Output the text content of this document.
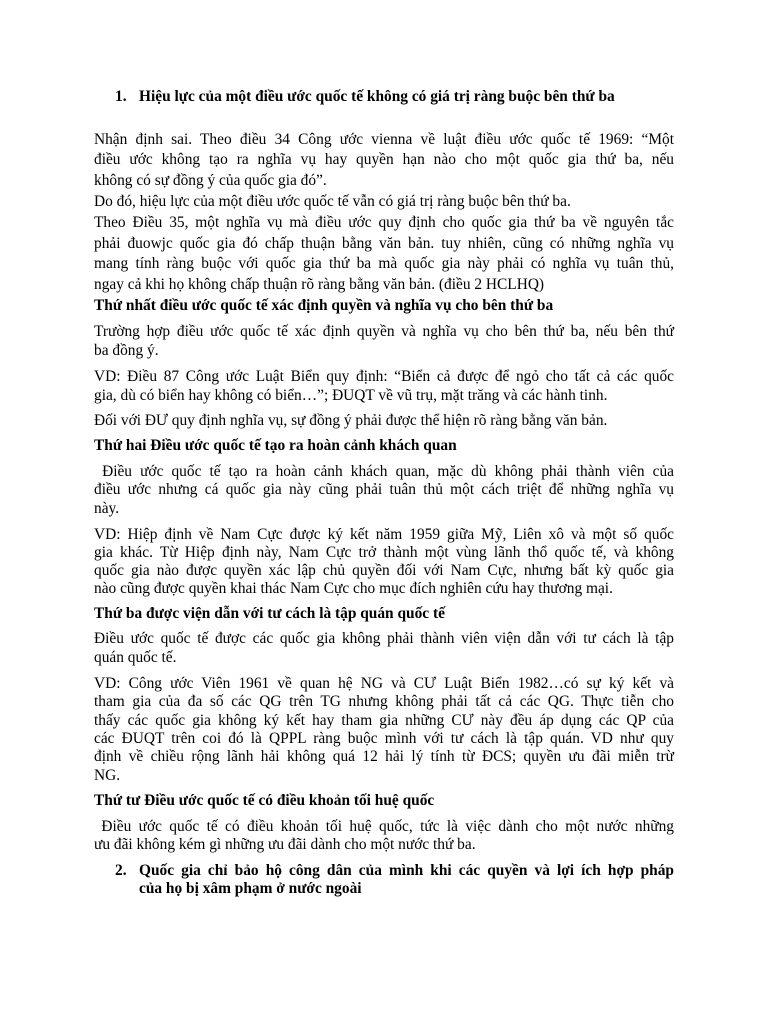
1. Hiệu lực của một điều ước quốc tế không có giá trị ràng buộc bên thứ ba
Nhận định sai. Theo điều 34 Công ước vienna về luật điều ước quốc tế 1969: “Một
điều ước không tạo ra nghĩa vụ hay quyền hạn nào cho một quốc gia thứ ba, nếu
không có sự đồng ý của quốc gia đó”.
Do đó, hiệu lực của một điều ước quốc tế vẫn có giá trị ràng buộc bên thứ ba.
Theo Điều 35, một nghĩa vụ mà điều ước quy định cho quốc gia thứ ba về nguyên tắc
phải đuowjc quốc gia đó chấp thuận bằng văn bản. tuy nhiên, cũng có những nghĩa vụ
mang tính ràng buộc với quốc gia thứ ba mà quốc gia này phải có nghĩa vụ tuân thủ,
ngay cả khi họ không chấp thuận rõ ràng bằng văn bản. (điều 2 HCLHQ)
Thứ nhất điều ước quốc tế xác định quyền và nghĩa vụ cho bên thứ ba
Trường hợp điều ước quốc tế xác định quyền và nghĩa vụ cho bên thứ ba, nếu bên thứ
ba đồng ý.
VD: Điều 87 Công ước Luật Biển quy định: “Biển cả được để ngỏ cho tất cả các quốc
gia, dù có biển hay không có biển…”; ĐUQT về vũ trụ, mặt trăng và các hành tinh.
Đối với ĐƯ quy định nghĩa vụ, sự đồng ý phải được thể hiện rõ ràng bằng văn bản.
Thứ hai Điều ước quốc tế tạo ra hoàn cảnh khách quan
Điều ước quốc tế tạo ra hoàn cảnh khách quan, mặc dù không phải thành viên của
điều ước nhưng cá quốc gia này cũng phải tuân thủ một cách triệt để những nghĩa vụ
này.
VD: Hiệp định về Nam Cực được ký kết năm 1959 giữa Mỹ, Liên xô và một số quốc
gia khác. Từ Hiệp định này, Nam Cực trở thành một vùng lãnh thổ quốc tế, và không
quốc gia nào được quyền xác lập chủ quyền đối với Nam Cực, nhưng bất kỳ quốc gia
nào cũng được quyền khai thác Nam Cực cho mục đích nghiên cứu hay thương mại.
Thứ ba được viện dẫn với tư cách là tập quán quốc tế
Điều ước quốc tế được các quốc gia không phải thành viên viện dẫn với tư cách là tập
quán quốc tế.
VD: Công ước Viên 1961 về quan hệ NG và CƯ Luật Biển 1982…có sự ký kết và
tham gia của đa số các QG trên TG nhưng không phải tất cả các QG. Thực tiễn cho
thấy các quốc gia không ký kết hay tham gia những CƯ này đều áp dụng các QP của
các ĐUQT trên coi đó là QPPL ràng buộc mình với tư cách là tập quán. VD như quy
định về chiều rộng lãnh hải không quá 12 hải lý tính từ ĐCS; quyền ưu đãi miễn trừ
NG.
Thứ tư Điều ước quốc tế có điều khoản tối huệ quốc
Điều ước quốc tế có điều khoản tối huệ quốc, tức là việc dành cho một nước những
ưu đãi không kém gì những ưu đãi dành cho một nước thứ ba.
2. Quốc gia chỉ bảo hộ công dân của mình khi các quyền và lợi ích hợp pháp
của họ bị xâm phạm ở nước ngoài
